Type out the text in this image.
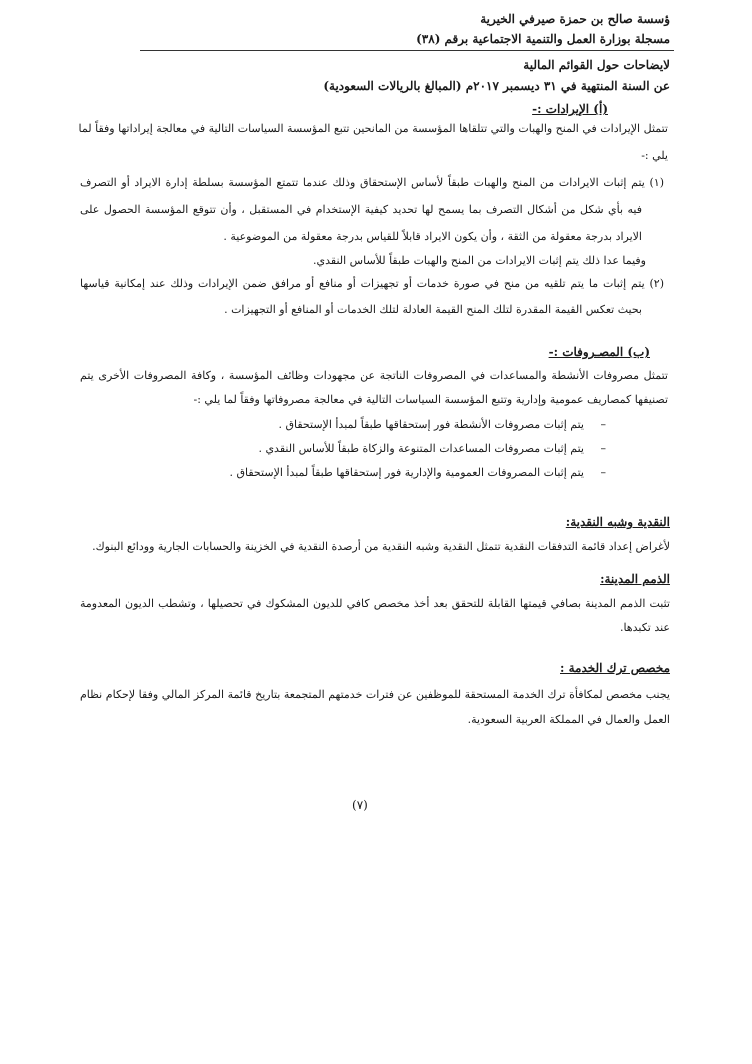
ؤسسة صالح بن حمزة صيرفي الخيرية
مسجلة بوزارة العمل والتنمية الاجتماعية برقم (٣٨)
لايضاحات حول القوائم المالية
عن السنة المنتهية في ٣١ ديسمبر ٢٠١٧م (المبالغ بالريالات السعودية)
(أ) الإيرادات :-
تتمثل الإيرادات في المنح والهبات والتي تتلقاها المؤسسة من المانحين تتبع المؤسسة السياسات التالية في معالجة إيراداتها وفقاً لما
يلي :-
(١) يتم إثبات الايرادات من المنح والهبات طبقاً لأساس الإستحقاق وذلك عندما تتمتع المؤسسة بسلطة إدارة الايراد أو التصرف
فيه بأي شكل من أشكال التصرف بما يسمح لها تحديد كيفية الإستخدام في المستقبل ، وأن تتوقع المؤسسة الحصول على
الايراد بدرجة معقولة من الثقة ، وأن يكون الايراد قابلاً للقياس بدرجة معقولة من الموضوعية .
وفيما عدا ذلك يتم إثبات الايرادات من المنح والهبات طبقاً للأساس النقدي.
(٢) يتم إثبات ما يتم تلقيه من منح في صورة خدمات أو تجهيزات أو منافع أو مرافق ضمن الإيرادات وذلك عند إمكانية قياسها
بحيث تعكس القيمة المقدرة لتلك المنح القيمة العادلة لتلك الخدمات أو المنافع أو التجهيزات .
(ب) المصـروفات :-
تتمثل مصروفات الأنشطة والمساعدات في المصروفات الناتجة عن مجهودات وظائف المؤسسة ، وكافة المصروفات الأخرى يتم
تصنيفها كمصاريف عمومية وإدارية وتتبع المؤسسة السياسات التالية في معالجة مصروفاتها وفقاً لما يلي :-
–
يتم إثبات مصروفات الأنشطة فور إستحقاقها طبقاً لمبدأ الإستحقاق .
–
يتم إثبات مصروفات المساعدات المتنوعة والزكاة طبقاً للأساس النقدي .
–
يتم إثبات المصروفات العمومية والإدارية فور إستحقاقها طبقاً لمبدأ الإستحقاق .
النقدية وشبه النقدية:
لأغراض إعداد قائمة التدفقات النقدية تتمثل النقدية وشبه النقدية من أرصدة النقدية في الخزينة والحسابات الجارية وودائع البنوك.
الذمم المدينة:
تثبت الذمم المدينة بصافي قيمتها القابلة للتحقق بعد أخذ مخصص كافي للديون المشكوك في تحصيلها ، وتشطب الديون المعدومة
عند تكبدها.
مخصص ترك الخدمة :
يجنب مخصص لمكافأة ترك الخدمة المستحقة للموظفين عن فترات خدمتهم المتجمعة بتاريخ قائمة المركز المالي وفقا لإحكام نظام
العمل والعمال في المملكة العربية السعودية.
(٧)
